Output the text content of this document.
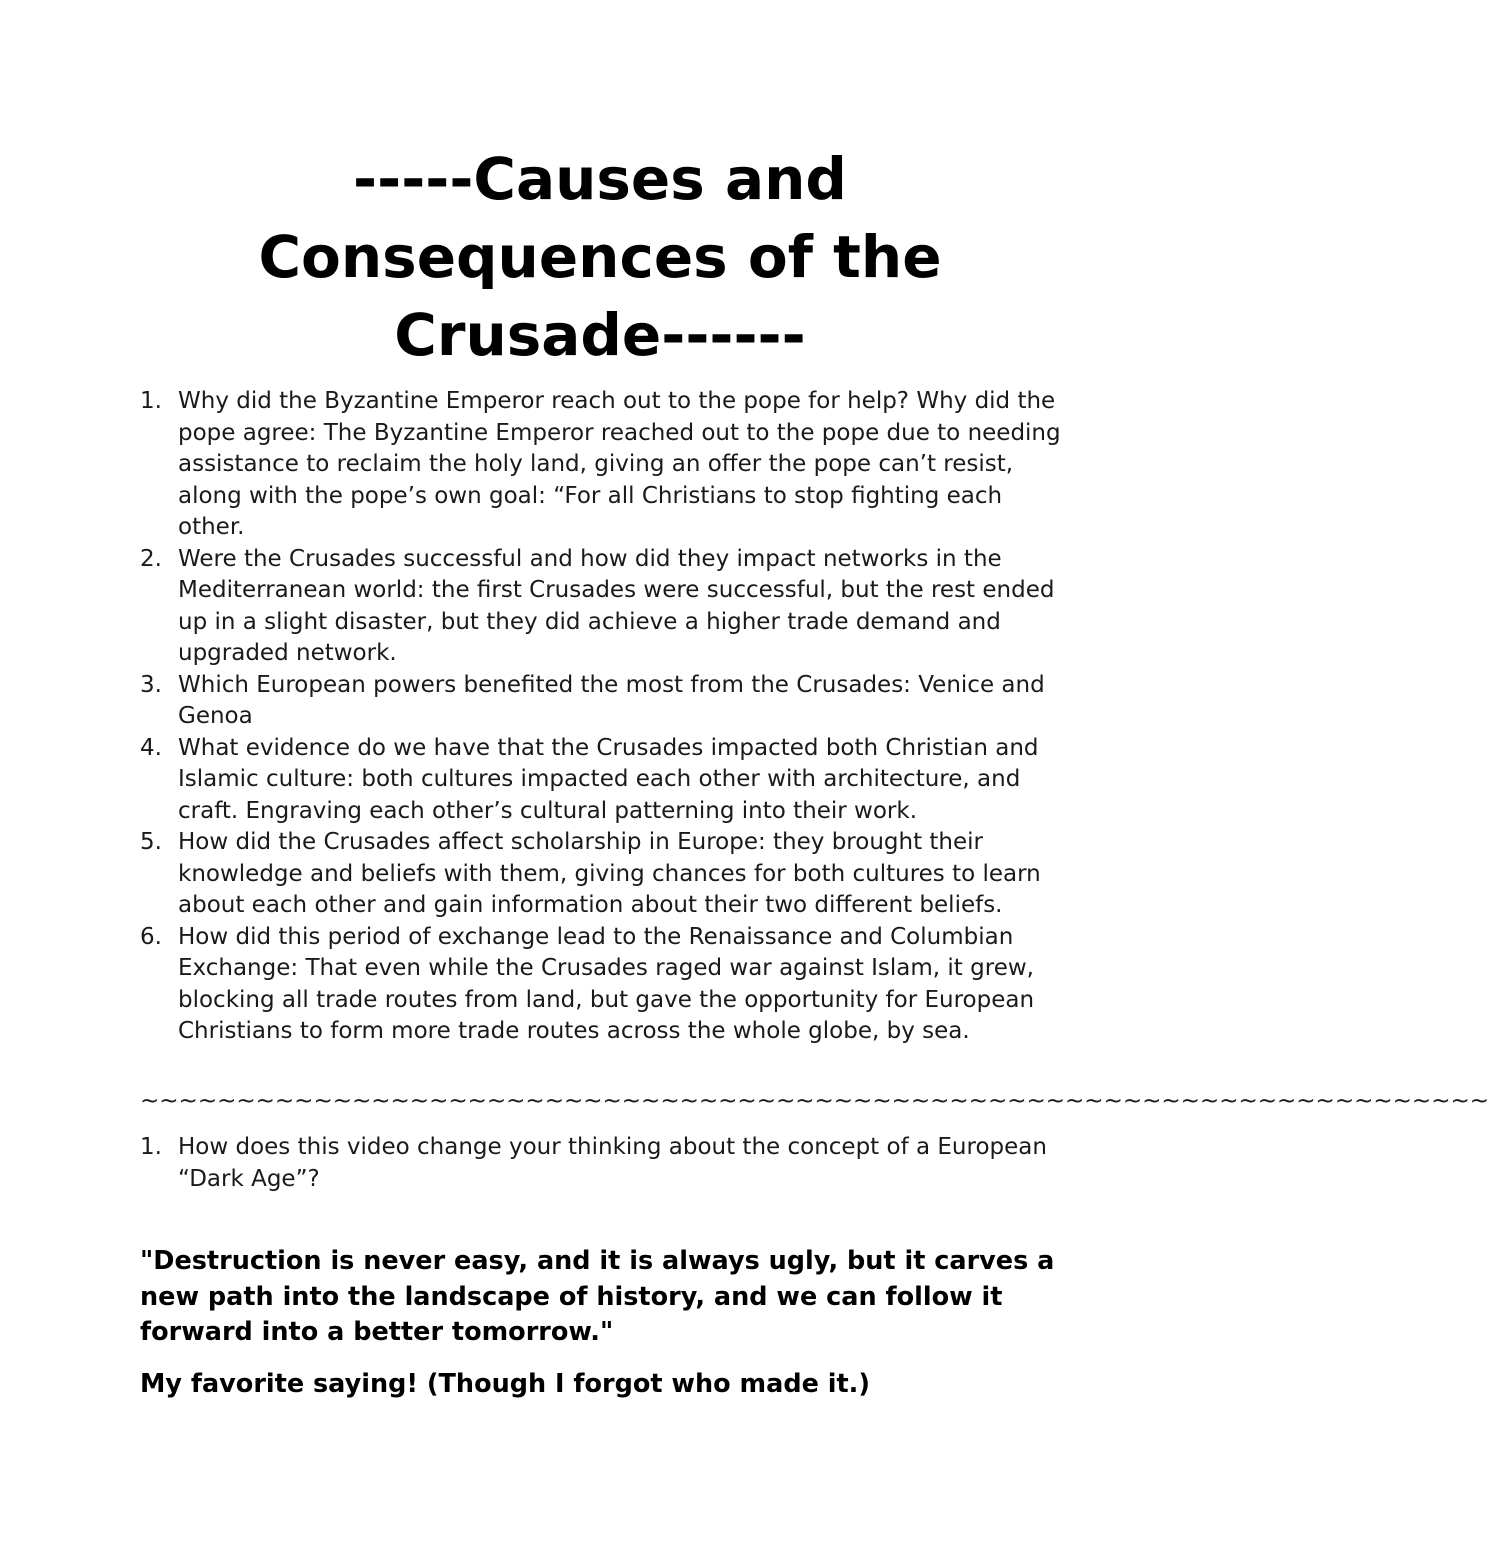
-----Causes and Consequences of the Crusade------
1. Why did the Byzantine Emperor reach out to the pope for help? Why did the pope agree: The Byzantine Emperor reached out to the pope due to needing assistance to reclaim the holy land, giving an offer the pope can’t resist, along with the pope’s own goal: “For all Christians to stop fighting each other.
2. Were the Crusades successful and how did they impact networks in the Mediterranean world: the first Crusades were successful, but the rest ended up in a slight disaster, but they did achieve a higher trade demand and upgraded network.
3. Which European powers benefited the most from the Crusades: Venice and Genoa
4. What evidence do we have that the Crusades impacted both Christian and Islamic culture: both cultures impacted each other with architecture, and craft. Engraving each other’s cultural patterning into their work.
5. How did the Crusades affect scholarship in Europe: they brought their knowledge and beliefs with them, giving chances for both cultures to learn about each other and gain information about their two different beliefs.
6. How did this period of exchange lead to the Renaissance and Columbian Exchange: That even while the Crusades raged war against Islam, it grew, blocking all trade routes from land, but gave the opportunity for European Christians to form more trade routes across the whole globe, by sea.
~~~~~~~~~~~~~~~~~~~~~~~~~~~~~~~~~~~~~~~~~~~~~~~~~~~~~~~~~~~~~~~~~~~~~~
1. How does this video change your thinking about the concept of a European “Dark Age”?

"Destruction is never easy, and it is always ugly, but it carves a new path into the landscape of history, and we can follow it forward into a better tomorrow."

My favorite saying! (Though I forgot who made it.)
